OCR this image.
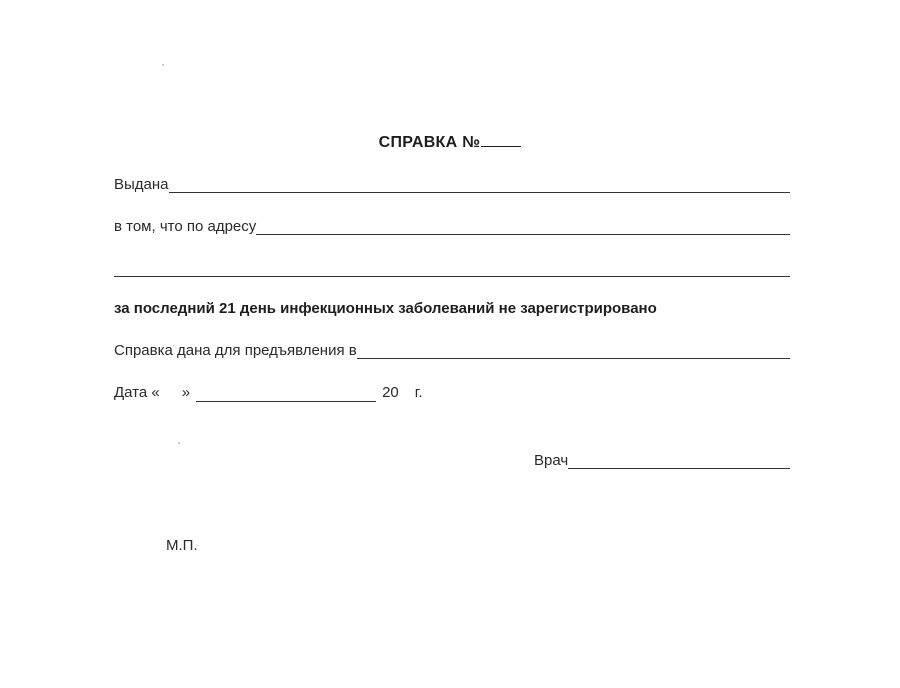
СПРАВКА №
Выдана
в том, что по адресу
за последний 21 день инфекционных заболеваний не зарегистрировано
Справка дана для предъявления в
Дата « »	20 г.
Врач
М.П.
